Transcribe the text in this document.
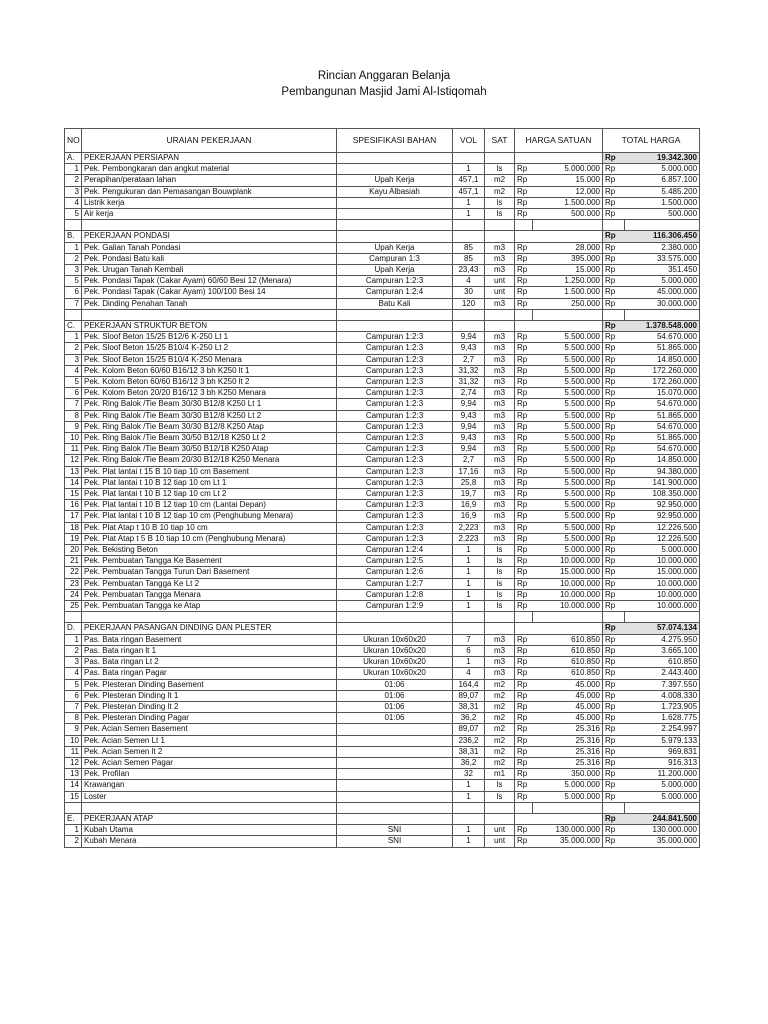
Rincian Anggaran Belanja
Pembangunan Masjid Jami Al-Istiqomah
NO	URAIAN PEKERJAAN	SPESIFIKASI BAHAN	VOL	SAT	HARGA SATUAN		TOTAL HARGA	
A.	PEKERJAAN PERSIAPAN						Rp	19.342.300
1	Pek. Pembongkaran dan angkut material		1	ls	Rp	5.000.000	Rp	5.000.000
2	Perapihan/perataan lahan	Upah Kerja	457,1	m2	Rp	15.000	Rp	6.857.100
3	Pek. Pengukuran dan Pemasangan Bouwplank	Kayu Albasiah	457,1	m2	Rp	12.000	Rp	5.485.200
4	Listrik kerja		1	ls	Rp	1.500.000	Rp	1.500.000
5	Air kerja		1	ls	Rp	500.000	Rp	500.000

B.	PEKERJAAN PONDASI						Rp	116.306.450
1	Pek. Galian Tanah Pondasi	Upah Kerja	85	m3	Rp	28.000	Rp	2.380.000
2	Pek. Pondasi Batu kali	Campuran 1:3	85	m3	Rp	395.000	Rp	33.575.000
3	Pek. Urugan Tanah Kembali	Upah Kerja	23,43	m3	Rp	15.000	Rp	351.450
5	Pek. Pondasi Tapak (Cakar Ayam) 60/60 Besi 12 (Menara)	Campuran 1:2:3	4	unt	Rp	1.250.000	Rp	5.000.000
6	Pek. Pondasi Tapak (Cakar Ayam) 100/100 Besi 14	Campuran 1:2:4	30	unt	Rp	1.500.000	Rp	45.000.000
7	Pek. Dinding Penahan Tanah	Batu Kali	120	m3	Rp	250.000	Rp	30.000.000

C.	PEKERJAAN STRUKTUR BETON						Rp	1.378.548.000
1	Pek. Sloof Beton 15/25 B12/6 K-250 Lt 1	Campuran 1:2:3	9,94	m3	Rp	5.500.000	Rp	54.670.000
2	Pek. Sloof Beton 15/25 B10/4 K-250 Lt 2	Campuran 1:2:3	9,43	m3	Rp	5.500.000	Rp	51.865.000
3	Pek. Sloof Beton 15/25 B10/4 K-250 Menara	Campuran 1:2:3	2,7	m3	Rp	5.500.000	Rp	14.850.000
4	Pek. Kolom Beton 60/60 B16/12 3 bh K250 lt 1	Campuran 1:2:3	31,32	m3	Rp	5.500.000	Rp	172.260.000
5	Pek. Kolom Beton 60/60 B16/12 3 bh K250 lt 2	Campuran 1:2:3	31,32	m3	Rp	5.500.000	Rp	172.260.000
6	Pek. Kolom Beton 20/20 B16/12 3 bh K250 Menara	Campuran 1:2:3	2,74	m3	Rp	5.500.000	Rp	15.070.000
7	Pek. Ring Balok /Tie Beam 30/30 B12/8 K250 Lt 1	Campuran 1:2:3	9,94	m3	Rp	5.500.000	Rp	54.670.000
8	Pek. Ring Balok /Tie Beam 30/30 B12/8 K250 Lt 2	Campuran 1:2:3	9,43	m3	Rp	5.500.000	Rp	51.865.000
9	Pek. Ring Balok /Tie Beam 30/30 B12/8 K250 Atap	Campuran 1:2:3	9,94	m3	Rp	5.500.000	Rp	54.670.000
10	Pek. Ring Balok /Tie Beam 30/50 B12/18 K250 Lt 2	Campuran 1:2:3	9,43	m3	Rp	5.500.000	Rp	51.865.000
11	Pek. Ring Balok /Tie Beam 30/50 B12/18 K250 Atap	Campuran 1:2:3	9,94	m3	Rp	5.500.000	Rp	54.670.000
12	Pek. Ring Balok /Tie Beam 20/30 B12/18 K250 Menara	Campuran 1:2:3	2,7	m3	Rp	5.500.000	Rp	14.850.000
13	Pek. Plat lantai t 15 B 10 tiap 10 cm Basement	Campuran 1:2:3	17,16	m3	Rp	5.500.000	Rp	94.380.000
14	Pek. Plat lantai t 10 B 12 tiap 10 cm Lt 1	Campuran 1:2:3	25,8	m3	Rp	5.500.000	Rp	141.900.000
15	Pek. Plat lantai t 10 B 12 tiap 10 cm Lt 2	Campuran 1:2:3	19,7	m3	Rp	5.500.000	Rp	108.350.000
16	Pek. Plat lantai t 10 B 12 tiap 10 cm (Lantai Depan)	Campuran 1:2:3	16,9	m3	Rp	5.500.000	Rp	92.950.000
17	Pek. Plat lantai t 10 B 12 tiap 10 cm (Penghubung Menara)	Campuran 1:2:3	16,9	m3	Rp	5.500.000	Rp	92.950.000
18	Pek. Plat Atap t 10 B 10 tiap 10 cm	Campuran 1:2:3	2,223	m3	Rp	5.500.000	Rp	12.226.500
19	Pek. Plat Atap t 5 B 10 tiap 10 cm (Penghubung Menara)	Campuran 1:2:3	2,223	m3	Rp	5.500.000	Rp	12.226.500
20	Pek. Bekisting Beton	Campuran 1:2:4	1	ls	Rp	5.000.000	Rp	5.000.000
21	Pek. Pembuatan Tangga Ke Basement	Campuran 1:2:5	1	ls	Rp	10.000.000	Rp	10.000.000
22	Pek. Pembuatan Tangga Turun Dari Basement	Campuran 1:2:6	1	ls	Rp	15.000.000	Rp	15.000.000
23	Pek. Pembuatan Tangga Ke Lt 2	Campuran 1:2:7	1	ls	Rp	10.000.000	Rp	10.000.000
24	Pek. Pembuatan Tangga Menara	Campuran 1:2:8	1	ls	Rp	10.000.000	Rp	10.000.000
25	Pek. Pembuatan Tangga ke Atap	Campuran 1:2:9	1	ls	Rp	10.000.000	Rp	10.000.000

D.	PEKERJAAN PASANGAN DINDING DAN PLESTER						Rp	57.074.134
1	Pas. Bata ringan Basement	Ukuran 10x60x20	7	m3	Rp	610.850	Rp	4.275.950
2	Pas. Bata ringan lt 1	Ukuran 10x60x20	6	m3	Rp	610.850	Rp	3.665.100
3	Pas. Bata ringan Lt 2	Ukuran 10x60x20	1	m3	Rp	610.850	Rp	610.850
4	Pas. Bata ringan Pagar	Ukuran 10x60x20	4	m3	Rp	610.850	Rp	2.443.400
5	Pek. Plesteran Dinding Basement	01:06	164,4	m2	Rp	45.000	Rp	7.397.550
6	Pek. Plesteran Dinding lt 1	01:06	89,07	m2	Rp	45.000	Rp	4.008.330
7	Pek. Plesteran Dinding lt 2	01:06	38,31	m2	Rp	45.000	Rp	1.723.905
8	Pek. Plesteran Dinding Pagar	01:06	36,2	m2	Rp	45.000	Rp	1.628.775
9	Pek. Acian Semen Basement		89,07	m2	Rp	25.316	Rp	2.254.997
10	Pek. Acian Semen Lt 1		236,2	m2	Rp	25.316	Rp	5.979.133
11	Pek. Acian Semen lt 2		38,31	m2	Rp	25.316	Rp	969.831
12	Pek. Acian Semen Pagar		36,2	m2	Rp	25.316	Rp	916.313
13	Pek. Profilan		32	m1	Rp	350.000	Rp	11.200.000
14	Krawangan		1	ls	Rp	5.000.000	Rp	5.000.000
15	Loster		1	ls	Rp	5.000.000	Rp	5.000.000

E.	PEKERJAAN ATAP						Rp	244.841.500
1	Kubah Utama	SNI	1	unt	Rp	130.000.000	Rp	130.000.000
2	Kubah Menara	SNI	1	unt	Rp	35.000.000	Rp	35.000.000
